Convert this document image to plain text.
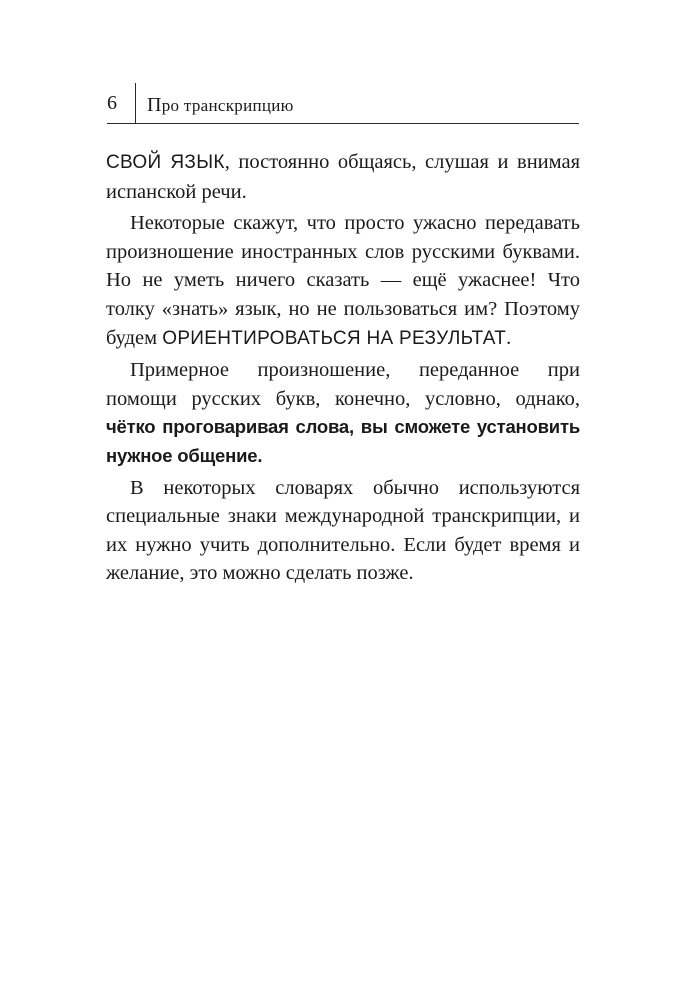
6 Про транскрипцию

СВОЙ ЯЗЫК, постоянно общаясь, слушая и внимая испанской речи.

Некоторые скажут, что просто ужасно передавать произношение иностранных слов русскими буквами. Но не уметь ничего сказать — ещё ужаснее! Что толку «знать» язык, но не пользоваться им? Поэтому будем ОРИЕНТИРОВАТЬСЯ НА РЕЗУЛЬТАТ.

Примерное произношение, переданное при помощи русских букв, конечно, условно, однако, чётко проговаривая слова, вы сможете установить нужное общение.

В некоторых словарях обычно используются специальные знаки международной транскрипции, и их нужно учить дополнительно. Если будет время и желание, это можно сделать позже.
